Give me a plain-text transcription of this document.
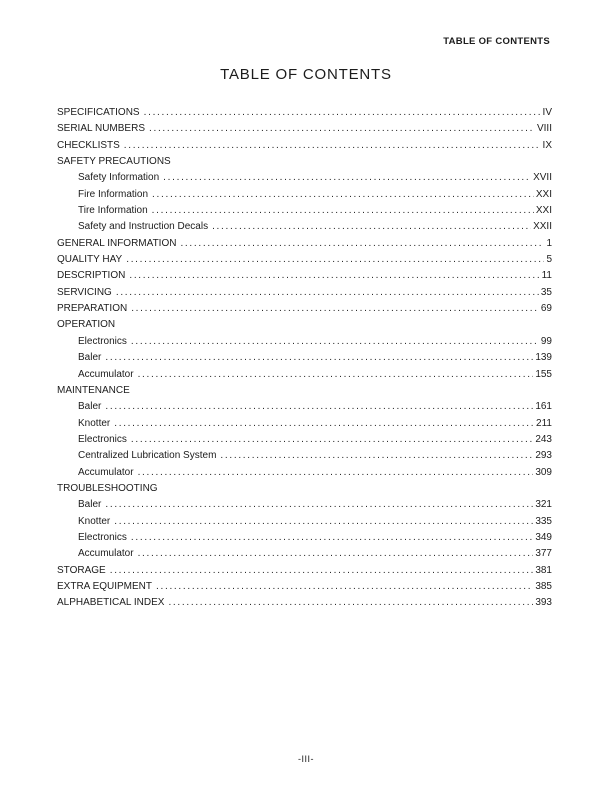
TABLE OF CONTENTS
TABLE OF CONTENTS
SPECIFICATIONS .....	IV
SERIAL NUMBERS .....	VIII
CHECKLISTS .....	IX
SAFETY PRECAUTIONS
Safety Information .....	XVII
Fire Information .....	XXI
Tire Information .....	XXI
Safety and Instruction Decals .....	XXII
GENERAL INFORMATION .....	1
QUALITY HAY .....	5
DESCRIPTION .....	11
SERVICING .....	35
PREPARATION .....	69
OPERATION
Electronics .....	99
Baler .....	139
Accumulator .....	155
MAINTENANCE
Baler .....	161
Knotter .....	211
Electronics .....	243
Centralized Lubrication System .....	293
Accumulator .....	309
TROUBLESHOOTING
Baler .....	321
Knotter .....	335
Electronics .....	349
Accumulator .....	377
STORAGE .....	381
EXTRA EQUIPMENT .....	385
ALPHABETICAL INDEX .....	393
-III-
